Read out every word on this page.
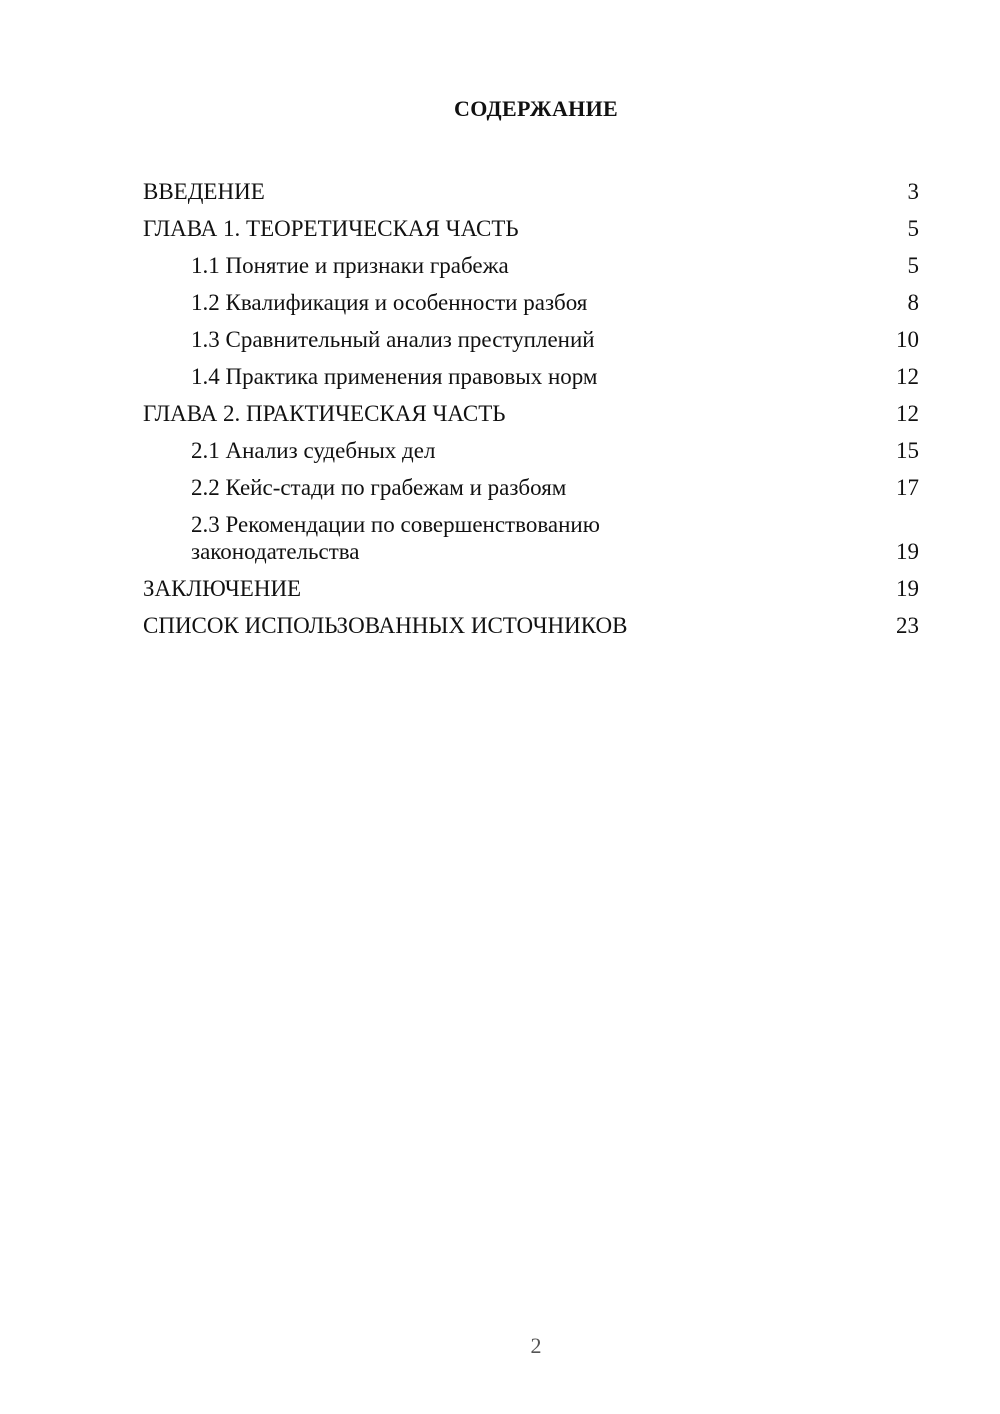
СОДЕРЖАНИЕ
ВВЕДЕНИЕ	3
ГЛАВА 1. ТЕОРЕТИЧЕСКАЯ ЧАСТЬ	5
1.1 Понятие и признаки грабежа	5
1.2 Квалификация и особенности разбоя	8
1.3 Сравнительный анализ преступлений	10
1.4 Практика применения правовых норм	12
ГЛАВА 2. ПРАКТИЧЕСКАЯ ЧАСТЬ	12
2.1 Анализ судебных дел	15
2.2 Кейс-стади по грабежам и разбоям	17
2.3 Рекомендации по совершенствованию законодательства	19
ЗАКЛЮЧЕНИЕ	19
СПИСОК ИСПОЛЬЗОВАННЫХ ИСТОЧНИКОВ	23
2
